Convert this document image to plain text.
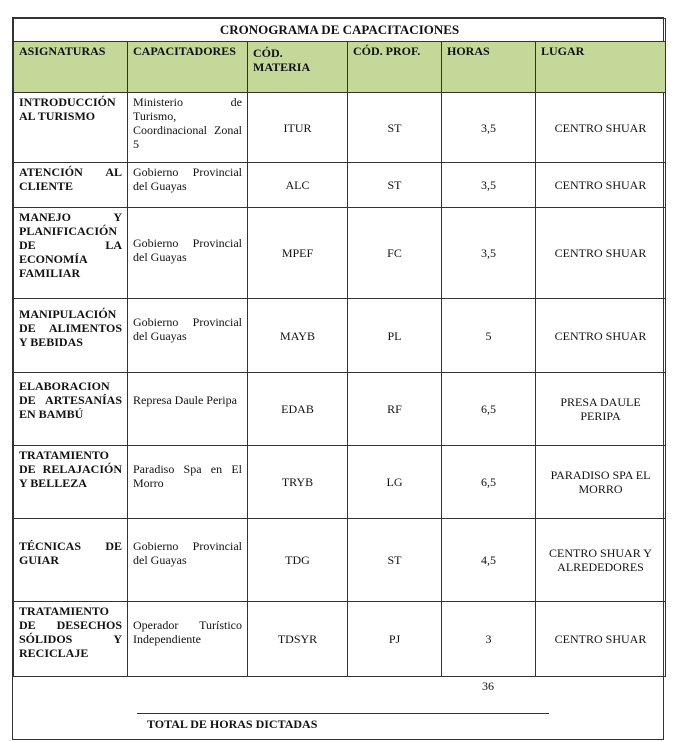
CRONOGRAMA DE CAPACITACIONES					
ASIGNATURAS	CAPACITADORES	CÓD. MATERIA	CÓD. PROF.	HORAS	LUGAR
INTRODUCCIÓN AL TURISMO	Ministerio de Turismo, Coordinacional Zonal 5	ITUR	ST	3,5	CENTRO SHUAR
ATENCIÓN AL CLIENTE	Gobierno Provincial del Guayas	ALC	ST	3,5	CENTRO SHUAR
MANEJO Y PLANIFICACIÓN DE LA ECONOMÍA FAMILIAR	Gobierno Provincial del Guayas	MPEF	FC	3,5	CENTRO SHUAR
MANIPULACIÓN DE ALIMENTOS Y BEBIDAS	Gobierno Provincial del Guayas	MAYB	PL	5	CENTRO SHUAR
ELABORACION DE ARTESANÍAS EN BAMBÚ	Represa Daule Peripa	EDAB	RF	6,5	PRESA DAULE PERIPA
TRATAMIENTO DE RELAJACIÓN Y BELLEZA	Paradiso Spa en El Morro	TRYB	LG	6,5	PARADISO SPA EL MORRO
TÉCNICAS DE GUIAR	Gobierno Provincial del Guayas	TDG	ST	4,5	CENTRO SHUAR Y ALREDEDORES
TRATAMIENTO DE DESECHOS SÓLIDOS Y RECICLAJE	Operador Turístico Independiente	TDSYR	PJ	3	CENTRO SHUAR
36
TOTAL DE HORAS DICTADAS
